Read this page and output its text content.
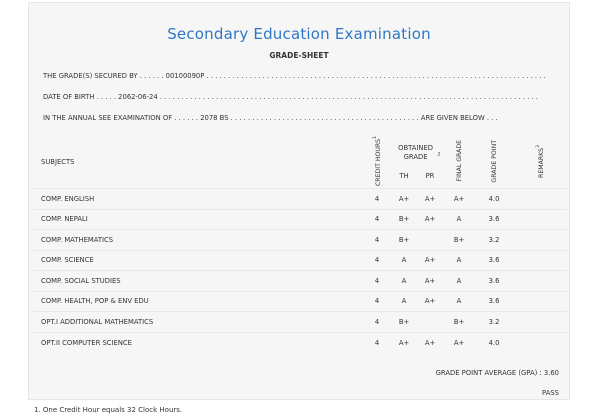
Secondary Education Examination
GRADE-SHEET
THE GRADE(S) SECURED BY . . . . . . 00100090P . . . . . . . . . . . . . . . . . . . . . . . . . . . . . . . . . . . . . . . . . . . . . . . . . . . . . . . . . . . . . . . . . . . . . . . . . . . . . . .
DATE OF BIRTH . . . . . 2062-06-24 . . . . . . . . . . . . . . . . . . . . . . . . . . . . . . . . . . . . . . . . . . . . . . . . . . . . . . . . . . . . . . . . . . . . . . . . . . . . . . . . . . . . . . . .
IN THE ANNUAL SEE EXAMINATION OF . . . . . . 2078 BS . . . . . . . . . . . . . . . . . . . . . . . . . . . . . . . . . . . . . . . . . . . . ARE GIVEN BELOW . . .
SUBJECTS	CREDIT HOURS$^1$	OBTAINED GRADE $^2$		FINAL GRADE	GRADE POINT	REMARKS$^3$
		TH	PR			
COMP. ENGLISH	4	A+	A+	A+	4.0	
COMP. NEPALI	4	B+	A+	A	3.6	
COMP. MATHEMATICS	4	B+		B+	3.2	
COMP. SCIENCE	4	A	A+	A	3.6	
COMP. SOCIAL STUDIES	4	A	A+	A	3.6	
COMP. HEALTH, POP & ENV EDU	4	A	A+	A	3.6	
OPT.I ADDITIONAL MATHEMATICS	4	B+		B+	3.2	
OPT.II COMPUTER SCIENCE	4	A+	A+	A+	4.0	
GRADE POINT AVERAGE (GPA) : 3.60
PASS
1. One Credit Hour equals 32 Clock Hours.
